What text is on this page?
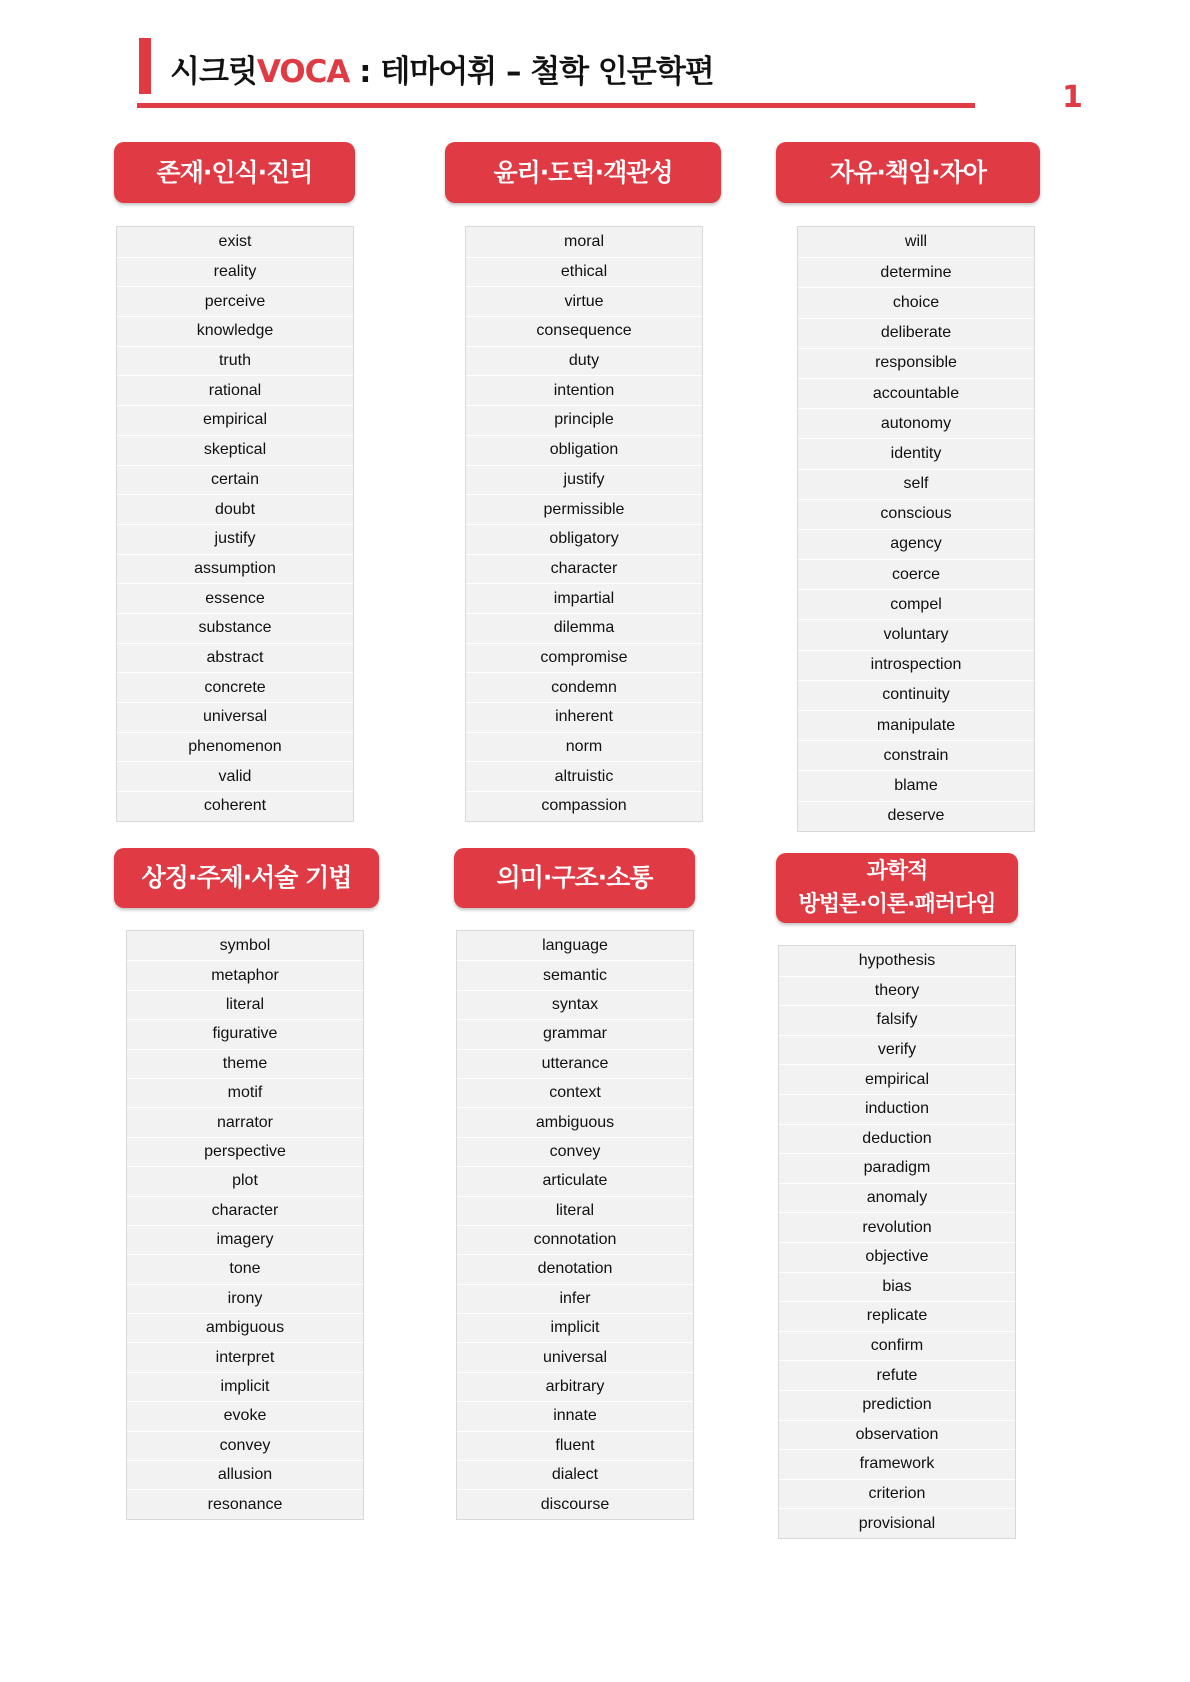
시크릿VOCA : 테마어휘 – 철학 인문학편
1
존재·인식·진리
exist
reality
perceive
knowledge
truth
rational
empirical
skeptical
certain
doubt
justify
assumption
essence
substance
abstract
concrete
universal
phenomenon
valid
coherent
윤리·도덕·객관성
moral
ethical
virtue
consequence
duty
intention
principle
obligation
justify
permissible
obligatory
character
impartial
dilemma
compromise
condemn
inherent
norm
altruistic
compassion
자유·책임·자아
will
determine
choice
deliberate
responsible
accountable
autonomy
identity
self
conscious
agency
coerce
compel
voluntary
introspection
continuity
manipulate
constrain
blame
deserve
상징·주제·서술 기법
symbol
metaphor
literal
figurative
theme
motif
narrator
perspective
plot
character
imagery
tone
irony
ambiguous
interpret
implicit
evoke
convey
allusion
resonance
의미·구조·소통
language
semantic
syntax
grammar
utterance
context
ambiguous
convey
articulate
literal
connotation
denotation
infer
implicit
universal
arbitrary
innate
fluent
dialect
discourse
과학적
방법론·이론·패러다임
hypothesis
theory
falsify
verify
empirical
induction
deduction
paradigm
anomaly
revolution
objective
bias
replicate
confirm
refute
prediction
observation
framework
criterion
provisional
